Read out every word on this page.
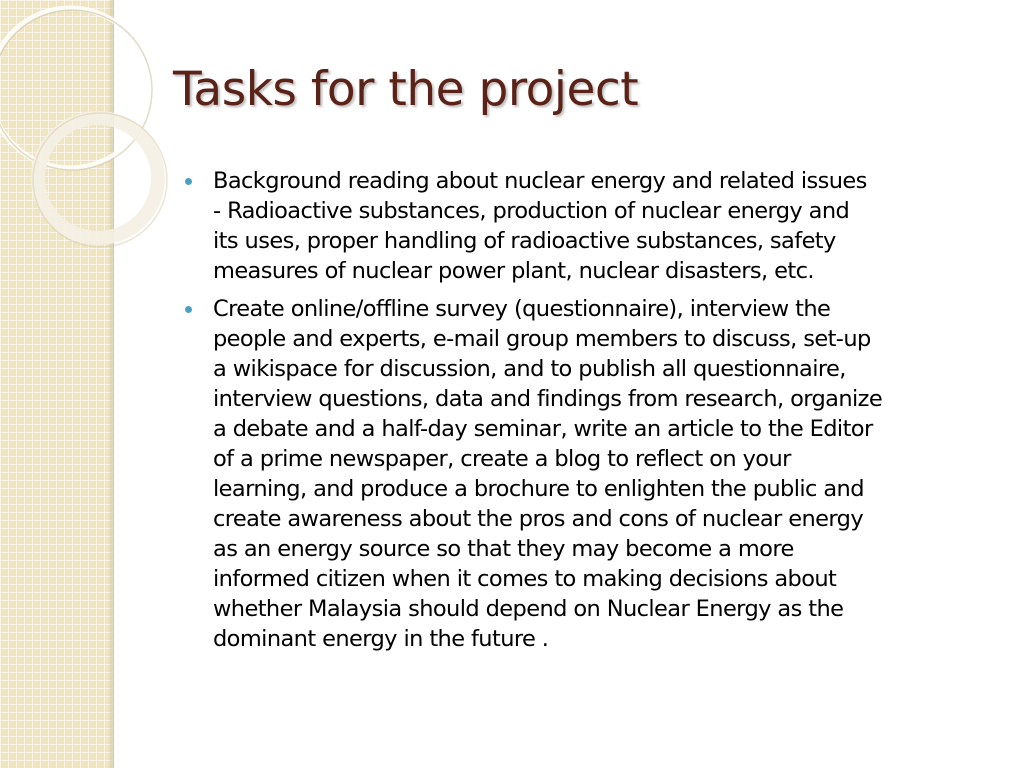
Tasks for the project
Background reading about nuclear energy and related issues
- Radioactive substances, production of nuclear energy and
its uses, proper handling of radioactive substances, safety
measures of nuclear power plant, nuclear disasters, etc.
Create online/offline survey (questionnaire), interview the
people and experts, e-mail group members to discuss, set-up
a wikispace for discussion, and to publish all questionnaire,
interview questions, data and findings from research, organize
a debate and a half-day seminar, write an article to the Editor
of a prime newspaper, create a blog to reflect on your
learning, and produce a brochure to enlighten the public and
create awareness about the pros and cons of nuclear energy
as an energy source so that they may become a more
informed citizen when it comes to making decisions about
whether Malaysia should depend on Nuclear Energy as the
dominant energy in the future .
